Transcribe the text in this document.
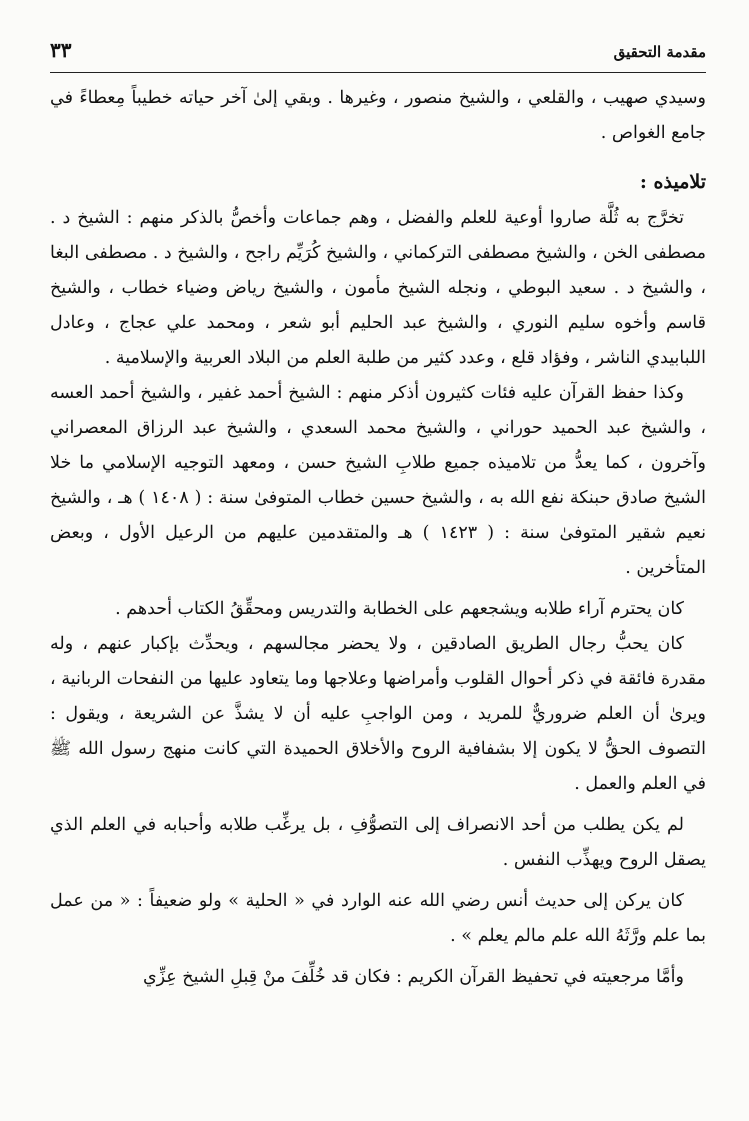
مقدمة التحقيق
٣٣

وسيدي صهيب ، والقلعي ، والشيخ منصور ، وغيرها . وبقي إلىٰ آخر حياته خطيباً مِعطاءً في جامع الغواص .

تلاميذه :

تخرَّج به ثُلَّة صاروا أوعية للعلم والفضل ، وهم جماعات وأخصُّ بالذكر منهم : الشيخ د . مصطفى الخن ، والشيخ مصطفى التركماني ، والشيخ كُرَيِّم راجح ، والشيخ د . مصطفى البغا ، والشيخ د . سعيد البوطي ، ونجله الشيخ مأمون ، والشيخ رياض وضياء خطاب ، والشيخ قاسم وأخوه سليم النوري ، والشيخ عبد الحليم أبو شعر ، ومحمد علي عجاج ، وعادل اللبابيدي الناشر ، وفؤاد قلع ، وعدد كثير من طلبة العلم من البلاد العربية والإسلامية .

وكذا حفظ القرآن عليه فئات كثيرون أذكر منهم : الشيخ أحمد غفير ، والشيخ أحمد العسه ، والشيخ عبد الحميد حوراني ، والشيخ محمد السعدي ، والشيخ عبد الرزاق المعصراني وآخرون ، كما يعدُّ من تلاميذه جميع طلابِ الشيخ حسن ، ومعهد التوجيه الإسلامي ما خلا الشيخ صادق حبنكة نفع الله به ، والشيخ حسين خطاب المتوفىٰ سنة : ( ١٤٠٨ ) هـ ، والشيخ نعيم شقير المتوفىٰ سنة : ( ١٤٢٣ ) هـ والمتقدمين عليهم من الرعيل الأول ، وبعض المتأخرين .

كان يحترم آراء طلابه ويشجعهم على الخطابة والتدريس ومحقِّقُ الكتاب أحدهم .

كان يحبُّ رجال الطريق الصادقين ، ولا يحضر مجالسهم ، ويحدِّث بإكبار عنهم ، وله مقدرة فائقة في ذكر أحوال القلوب وأمراضها وعلاجها وما يتعاود عليها من النفحات الربانية ، ويرىٰ أن العلم ضروريٌّ للمريد ، ومن الواجبِ عليه أن لا يشذَّ عن الشريعة ، ويقول : التصوف الحقُّ لا يكون إلا بشفافية الروح والأخلاق الحميدة التي كانت منهج رسول الله ﷺ في العلم والعمل .

لم يكن يطلب من أحد الانصراف إلى التصوُّفِ ، بل يرغِّب طلابه وأحبابه في العلم الذي يصقل الروح ويهذِّب النفس .

كان يركن إلى حديث أنس رضي الله عنه الوارد في « الحلية » ولو ضعيفاً : « من عمل بما علم ورَّثَهُ الله علم مالم يعلم » .

وأمَّا مرجعيته في تحفيظ القرآن الكريم : فكان قد خُلِّفَ منْ قِبلِ الشيخ عِزِّي
